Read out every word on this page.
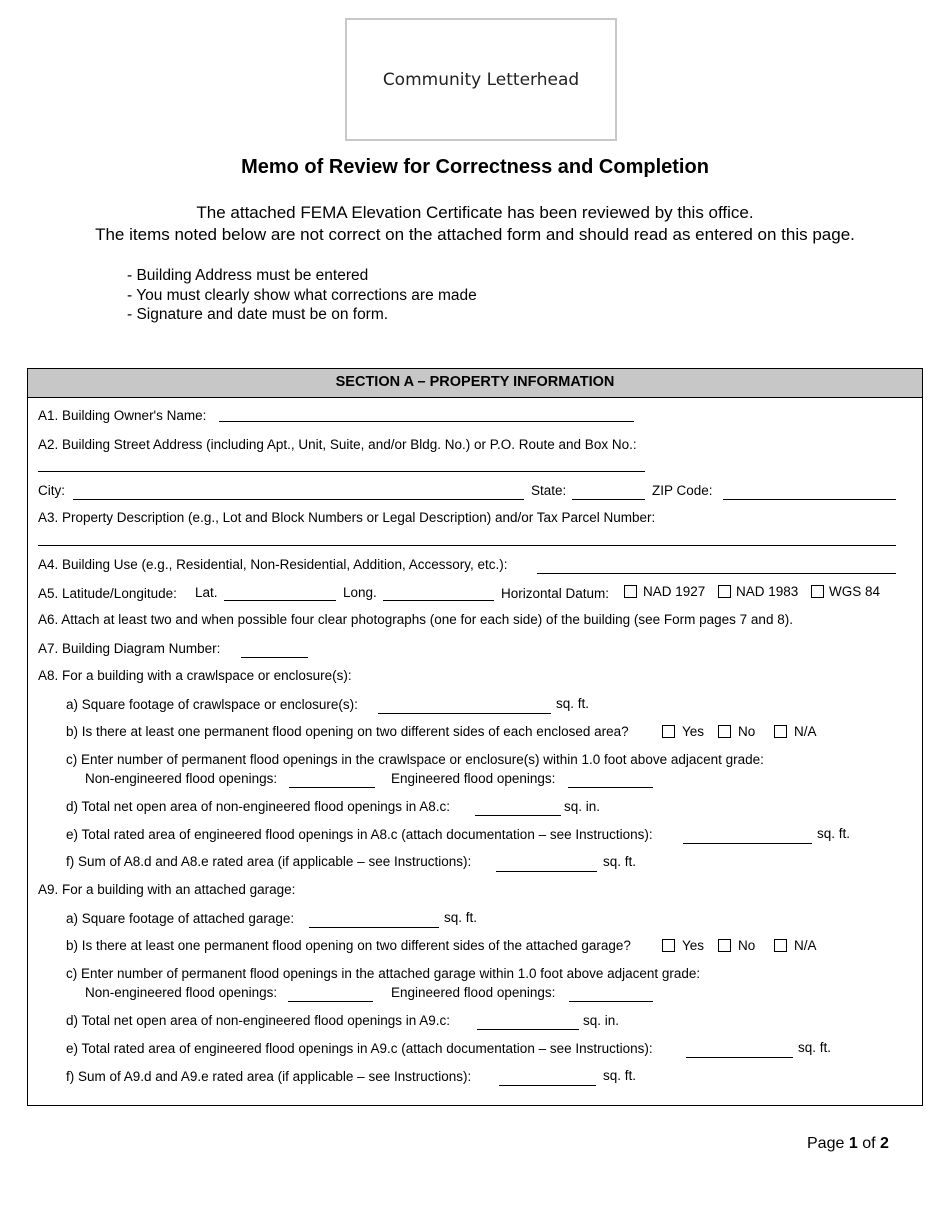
Community Letterhead
Memo of Review for Correctness and Completion
The attached FEMA Elevation Certificate has been reviewed by this office.
The items noted below are not correct on the attached form and should read as entered on this page.
- Building Address must be entered
- You must clearly show what corrections are made
- Signature and date must be on form.
SECTION A – PROPERTY INFORMATION
A1. Building Owner's Name:
A2. Building Street Address (including Apt., Unit, Suite, and/or Bldg. No.) or P.O. Route and Box No.:
City:	State:	ZIP Code:
A3. Property Description (e.g., Lot and Block Numbers or Legal Description) and/or Tax Parcel Number:
A4. Building Use (e.g., Residential, Non-Residential, Addition, Accessory, etc.):
A5. Latitude/Longitude: Lat.	Long.	Horizontal Datum:	NAD 1927 NAD 1983 WGS 84
A6. Attach at least two and when possible four clear photographs (one for each side) of the building (see Form pages 7 and 8).
A7. Building Diagram Number:
A8. For a building with a crawlspace or enclosure(s):
a) Square footage of crawlspace or enclosure(s):	sq. ft.
b) Is there at least one permanent flood opening on two different sides of each enclosed area?	Yes	No	N/A
c) Enter number of permanent flood openings in the crawlspace or enclosure(s) within 1.0 foot above adjacent grade:
Non-engineered flood openings:	Engineered flood openings:
d) Total net open area of non-engineered flood openings in A8.c:	sq. in.
e) Total rated area of engineered flood openings in A8.c (attach documentation – see Instructions):	sq. ft.
f) Sum of A8.d and A8.e rated area (if applicable – see Instructions):	sq. ft.
A9. For a building with an attached garage:
a) Square footage of attached garage:	sq. ft.
b) Is there at least one permanent flood opening on two different sides of the attached garage?	Yes	No	N/A
c) Enter number of permanent flood openings in the attached garage within 1.0 foot above adjacent grade:
Non-engineered flood openings:	Engineered flood openings:
d) Total net open area of non-engineered flood openings in A9.c:	sq. in.
e) Total rated area of engineered flood openings in A9.c (attach documentation – see Instructions):	sq. ft.
f) Sum of A9.d and A9.e rated area (if applicable – see Instructions):	sq. ft.
Page 1 of 2
